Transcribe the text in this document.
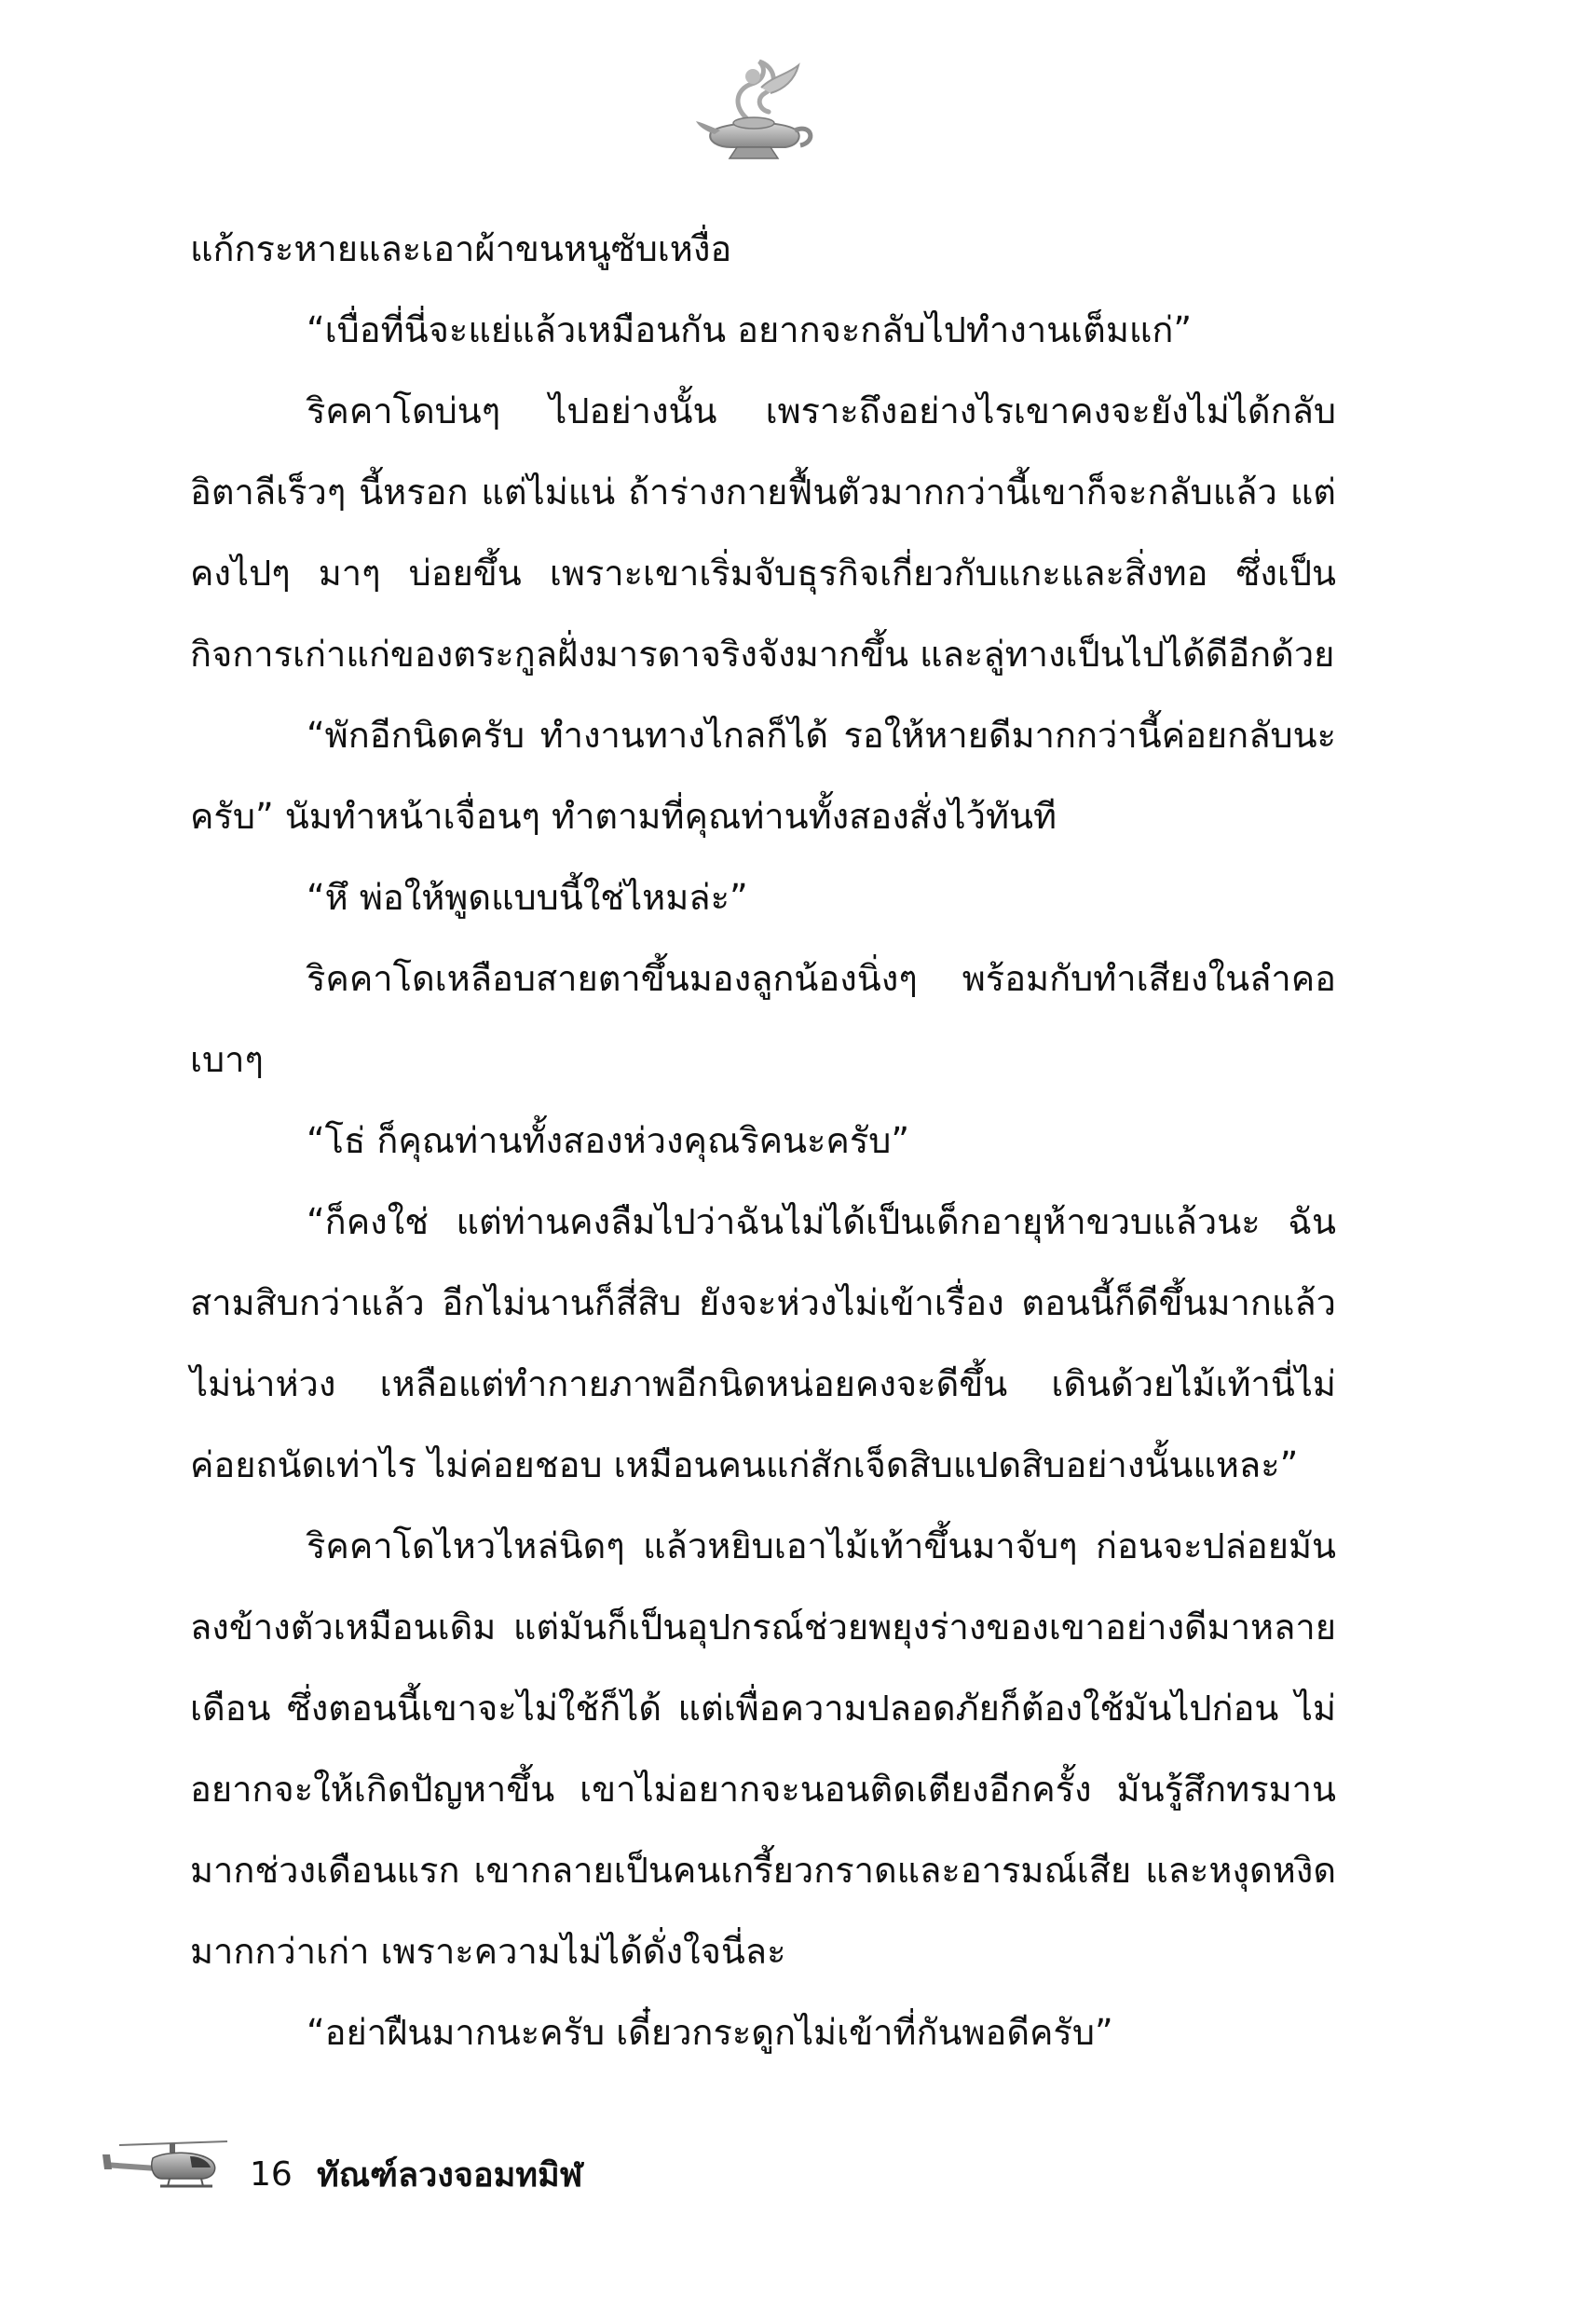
แก้กระหายและเอาผ้าขนหนูซับเหงื่อ

“เบื่อที่นี่จะแย่แล้วเหมือนกัน อยากจะกลับไปทำงานเต็มแก่”

ริคคาโดบ่นๆ ไปอย่างนั้น เพราะถึงอย่างไรเขาคงจะยังไม่ได้กลับอิตาลีเร็วๆ นี้หรอก แต่ไม่แน่ ถ้าร่างกายฟื้นตัวมากกว่านี้เขาก็จะกลับแล้ว แต่คงไปๆ มาๆ บ่อยขึ้น เพราะเขาเริ่มจับธุรกิจเกี่ยวกับแกะและสิ่งทอ ซึ่งเป็นกิจการเก่าแก่ของตระกูลฝั่งมารดาจริงจังมากขึ้น และลู่ทางเป็นไปได้ดีอีกด้วย

“พักอีกนิดครับ ทำงานทางไกลก็ได้ รอให้หายดีมากกว่านี้ค่อยกลับนะครับ” นัมทำหน้าเจื่อนๆ ทำตามที่คุณท่านทั้งสองสั่งไว้ทันที

“หึ พ่อให้พูดแบบนี้ใช่ไหมล่ะ”

ริคคาโดเหลือบสายตาขึ้นมองลูกน้องนิ่งๆ พร้อมกับทำเสียงในลำคอเบาๆ

“โธ่ ก็คุณท่านทั้งสองห่วงคุณริคนะครับ”

“ก็คงใช่ แต่ท่านคงลืมไปว่าฉันไม่ได้เป็นเด็กอายุห้าขวบแล้วนะ ฉันสามสิบกว่าแล้ว อีกไม่นานก็สี่สิบ ยังจะห่วงไม่เข้าเรื่อง ตอนนี้ก็ดีขึ้นมากแล้ว ไม่น่าห่วง เหลือแต่ทำกายภาพอีกนิดหน่อยคงจะดีขึ้น เดินด้วยไม้เท้านี่ไม่ค่อยถนัดเท่าไร ไม่ค่อยชอบ เหมือนคนแก่สักเจ็ดสิบแปดสิบอย่างนั้นแหละ”

ริคคาโดไหวไหล่นิดๆ แล้วหยิบเอาไม้เท้าขึ้นมาจับๆ ก่อนจะปล่อยมันลงข้างตัวเหมือนเดิม แต่มันก็เป็นอุปกรณ์ช่วยพยุงร่างของเขาอย่างดีมาหลายเดือน ซึ่งตอนนี้เขาจะไม่ใช้ก็ได้ แต่เพื่อความปลอดภัยก็ต้องใช้มันไปก่อน ไม่อยากจะให้เกิดปัญหาขึ้น เขาไม่อยากจะนอนติดเตียงอีกครั้ง มันรู้สึกทรมานมากช่วงเดือนแรก เขากลายเป็นคนเกรี้ยวกราดและอารมณ์เสีย และหงุดหงิดมากกว่าเก่า เพราะความไม่ได้ดั่งใจนี่ละ

“อย่าฝืนมากนะครับ เดี๋ยวกระดูกไม่เข้าที่กันพอดีครับ”

16 ทัณฑ์ลวงจอมทมิฬ
